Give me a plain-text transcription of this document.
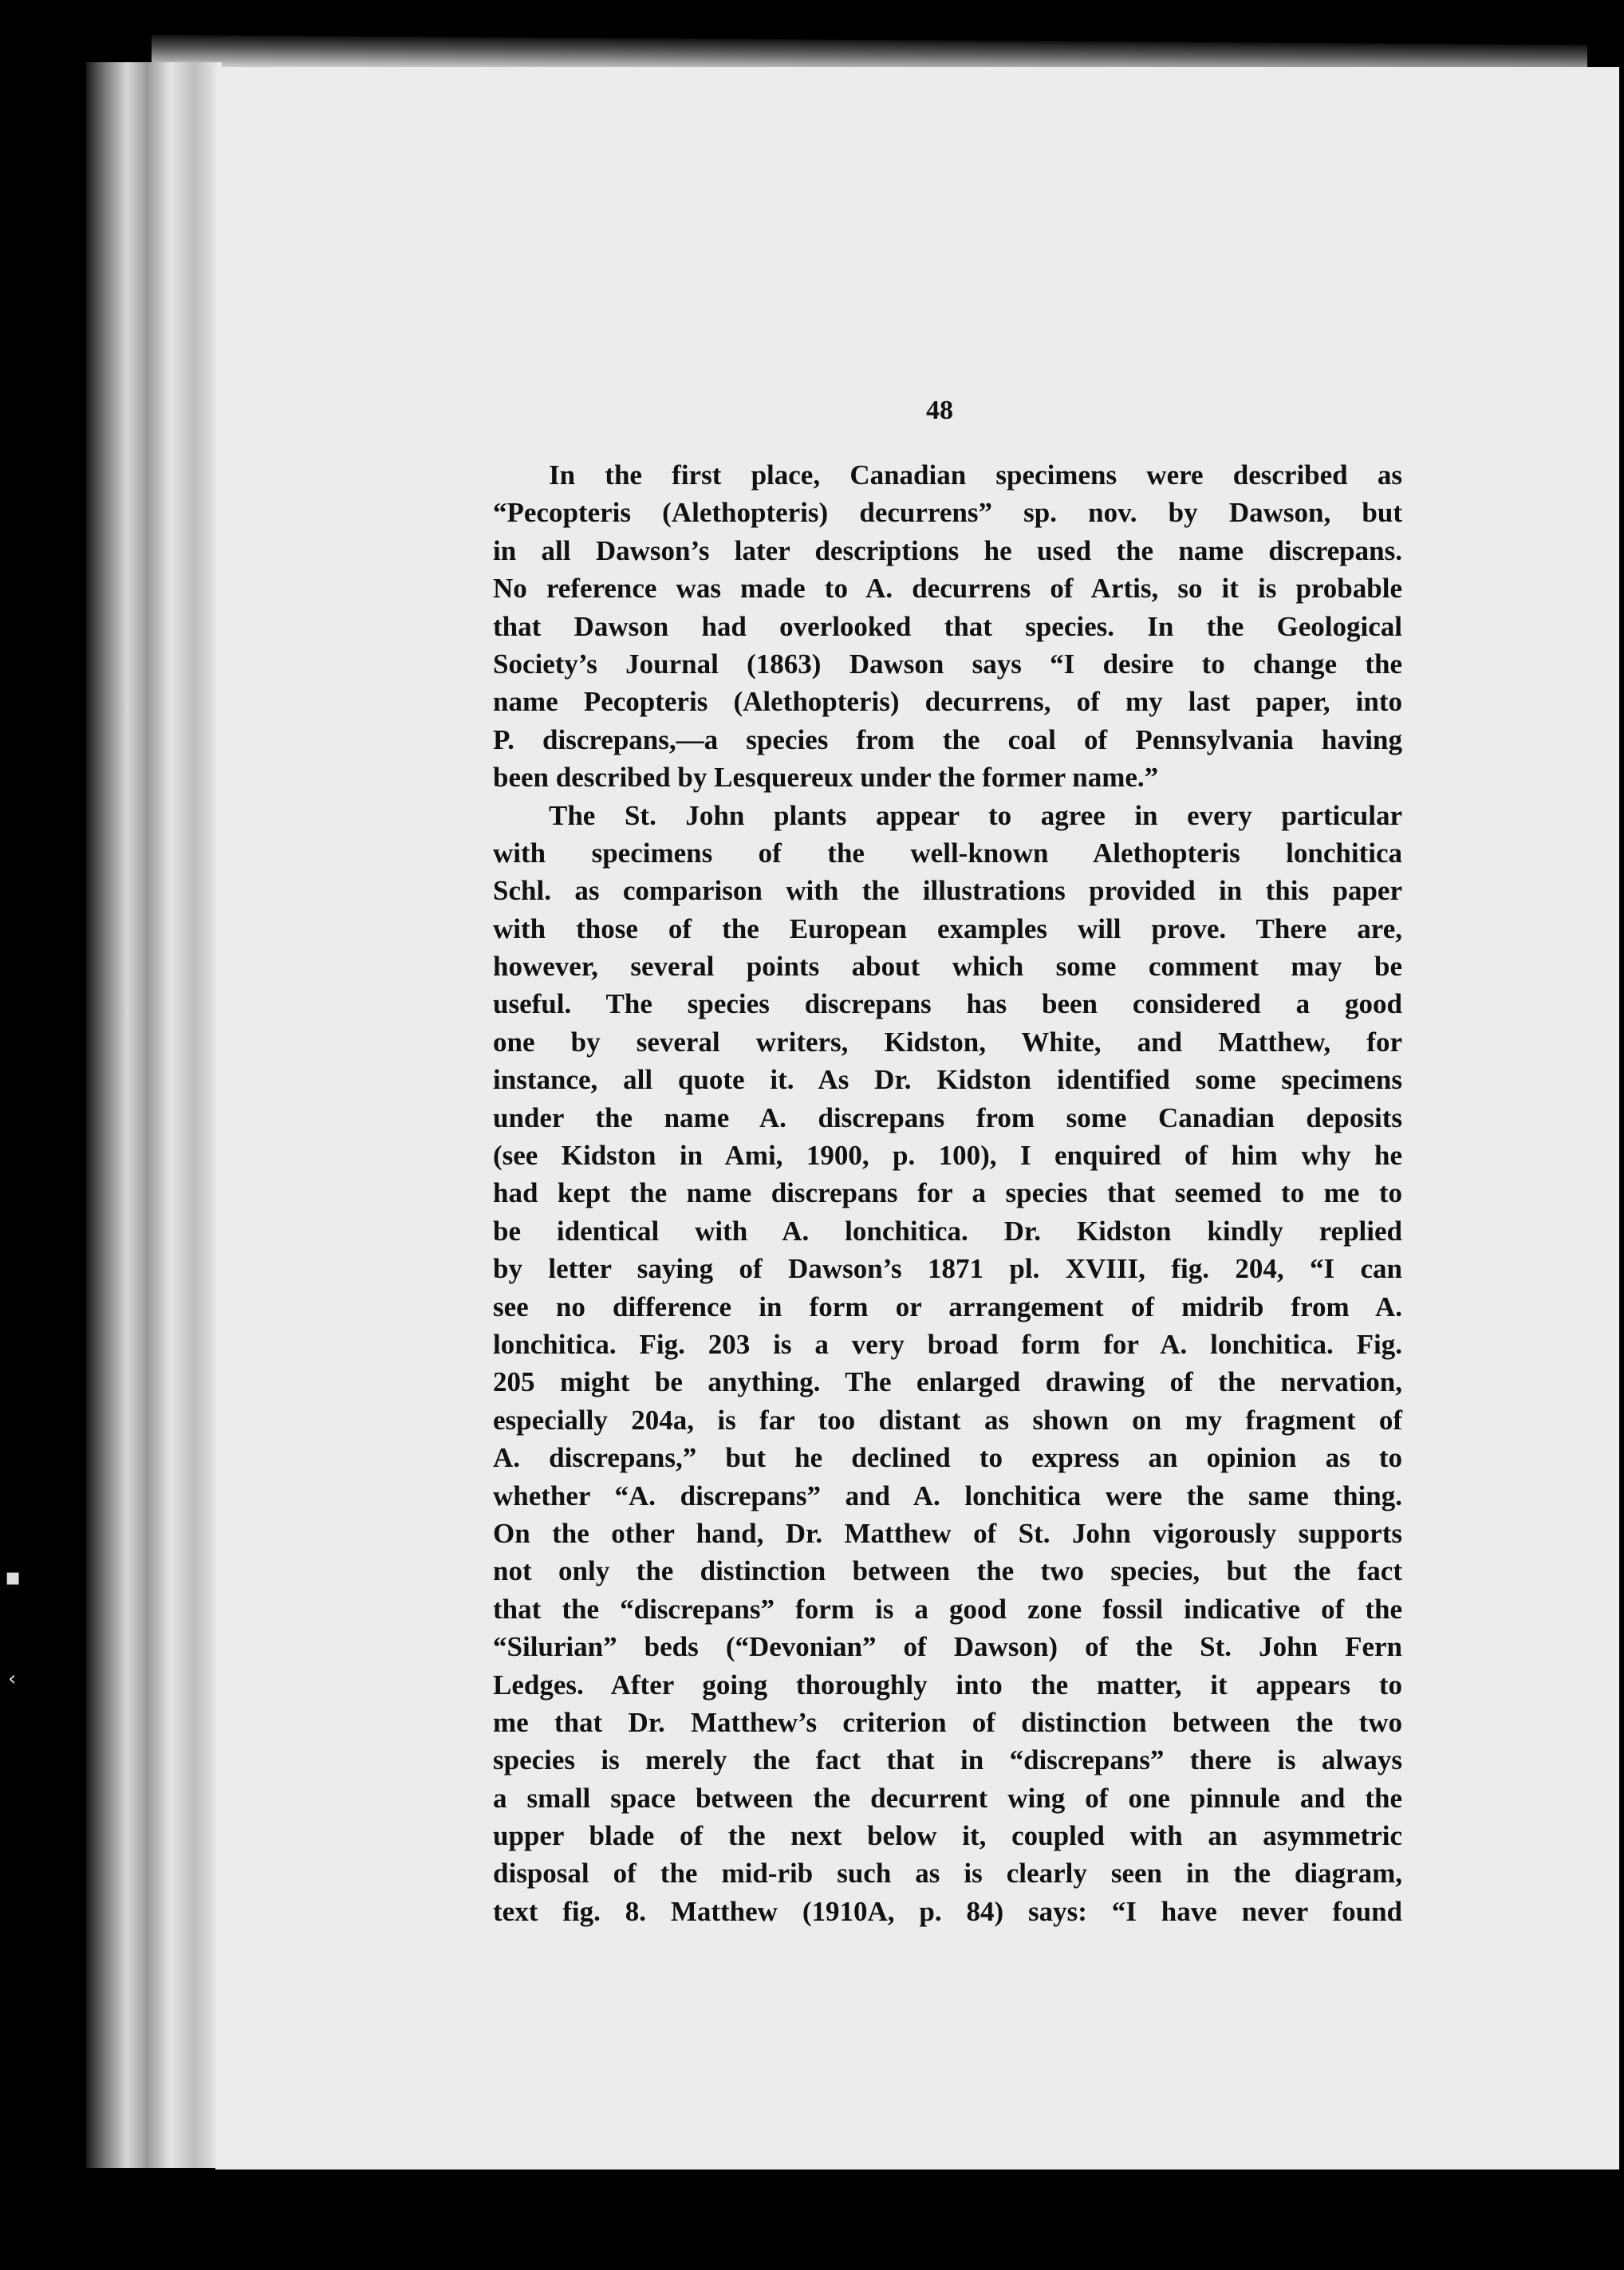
▪
‹
48
In the first place, Canadian specimens were described as
“Pecopteris (Alethopteris) decurrens” sp. nov. by Dawson, but
in all Dawson’s later descriptions he used the name discrepans.
No reference was made to A. decurrens of Artis, so it is probable
that Dawson had overlooked that species. In the Geological
Society’s Journal (1863) Dawson says “I desire to change the
name Pecopteris (Alethopteris) decurrens, of my last paper, into
P. discrepans,—a species from the coal of Pennsylvania having
been described by Lesquereux under the former name.”
The St. John plants appear to agree in every particular
with specimens of the well-known Alethopteris lonchitica
Schl. as comparison with the illustrations provided in this paper
with those of the European examples will prove. There are,
however, several points about which some comment may be
useful. The species discrepans has been considered a good
one by several writers, Kidston, White, and Matthew, for
instance, all quote it. As Dr. Kidston identified some specimens
under the name A. discrepans from some Canadian deposits
(see Kidston in Ami, 1900, p. 100), I enquired of him why he
had kept the name discrepans for a species that seemed to me to
be identical with A. lonchitica. Dr. Kidston kindly replied
by letter saying of Dawson’s 1871 pl. XVIII, fig. 204, “I can
see no difference in form or arrangement of midrib from A.
lonchitica. Fig. 203 is a very broad form for A. lonchitica. Fig.
205 might be anything. The enlarged drawing of the nervation,
especially 204a, is far too distant as shown on my fragment of
A. discrepans,” but he declined to express an opinion as to
whether “A. discrepans” and A. lonchitica were the same thing.
On the other hand, Dr. Matthew of St. John vigorously supports
not only the distinction between the two species, but the fact
that the “discrepans” form is a good zone fossil indicative of the
“Silurian” beds (“Devonian” of Dawson) of the St. John Fern
Ledges. After going thoroughly into the matter, it appears to
me that Dr. Matthew’s criterion of distinction between the two
species is merely the fact that in “discrepans” there is always
a small space between the decurrent wing of one pinnule and the
upper blade of the next below it, coupled with an asymmetric
disposal of the mid-rib such as is clearly seen in the diagram,
text fig. 8. Matthew (1910A, p. 84) says: “I have never found
